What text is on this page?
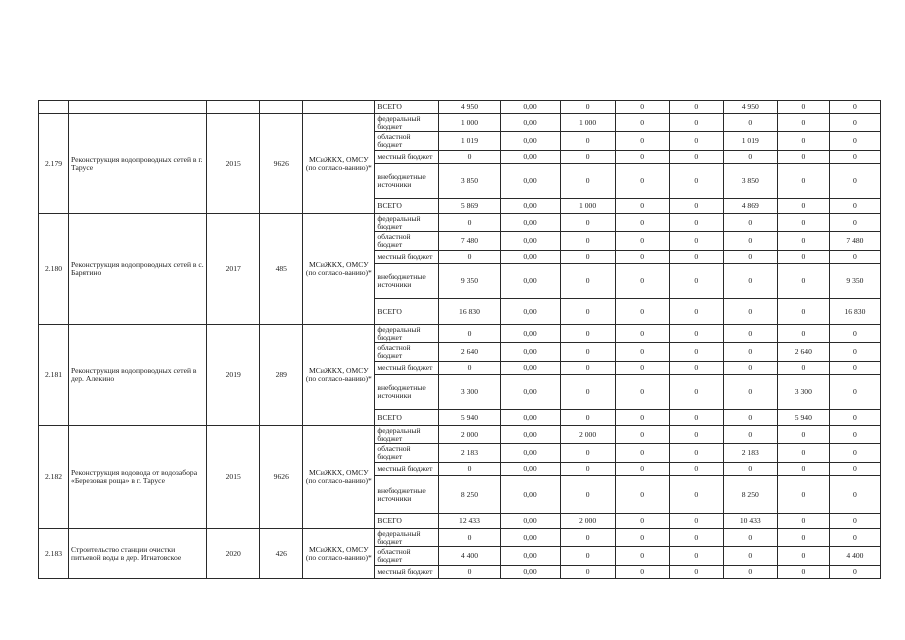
					ВСЕГО	4 950	0,00	0	0	0	4 950	0	0
2.179	Реконструкция водопроводных сетей в г. Тарусе	2015	9626	МСиЖКХ, ОМСУ (по согласо-ванию)*	федеральный бюджет	1 000	0,00	1 000	0	0	0	0	0
					областной бюджет	1 019	0,00	0	0	0	1 019	0	0
					местный бюджет	0	0,00	0	0	0	0	0	0
					внебюджетные источники	3 850	0,00	0	0	0	3 850	0	0
					ВСЕГО	5 869	0,00	1 000	0	0	4 869	0	0
2.180	Реконструкция водопроводных сетей в с. Барятино	2017	485	МСиЖКХ, ОМСУ (по согласо-ванию)*	федеральный бюджет	0	0,00	0	0	0	0	0	0
					областной бюджет	7 480	0,00	0	0	0	0	0	7 480
					местный бюджет	0	0,00	0	0	0	0	0	0
					внебюджетные источники	9 350	0,00	0	0	0	0	0	9 350
					ВСЕГО	16 830	0,00	0	0	0	0	0	16 830
2.181	Реконструкция водопроводных сетей в дер. Алекино	2019	289	МСиЖКХ, ОМСУ (по согласо-ванию)*	федеральный бюджет	0	0,00	0	0	0	0	0	0
					областной бюджет	2 640	0,00	0	0	0	0	2 640	0
					местный бюджет	0	0,00	0	0	0	0	0	0
					внебюджетные источники	3 300	0,00	0	0	0	0	3 300	0
					ВСЕГО	5 940	0,00	0	0	0	0	5 940	0
2.182	Реконструкция водовода от водозабора «Березовая роща» в г. Тарусе	2015	9626	МСиЖКХ, ОМСУ (по согласо-ванию)*	федеральный бюджет	2 000	0,00	2 000	0	0	0	0	0
					областной бюджет	2 183	0,00	0	0	0	2 183	0	0
					местный бюджет	0	0,00	0	0	0	0	0	0
					внебюджетные источники	8 250	0,00	0	0	0	8 250	0	0
					ВСЕГО	12 433	0,00	2 000	0	0	10 433	0	0
2.183	Строительство станции очистки питьевой воды в дер. Игнатовское	2020	426	МСиЖКХ, ОМСУ (по согласо-ванию)*	федеральный бюджет	0	0,00	0	0	0	0	0	0
					областной бюджет	4 400	0,00	0	0	0	0	0	4 400
					местный бюджет	0	0,00	0	0	0	0	0	0
